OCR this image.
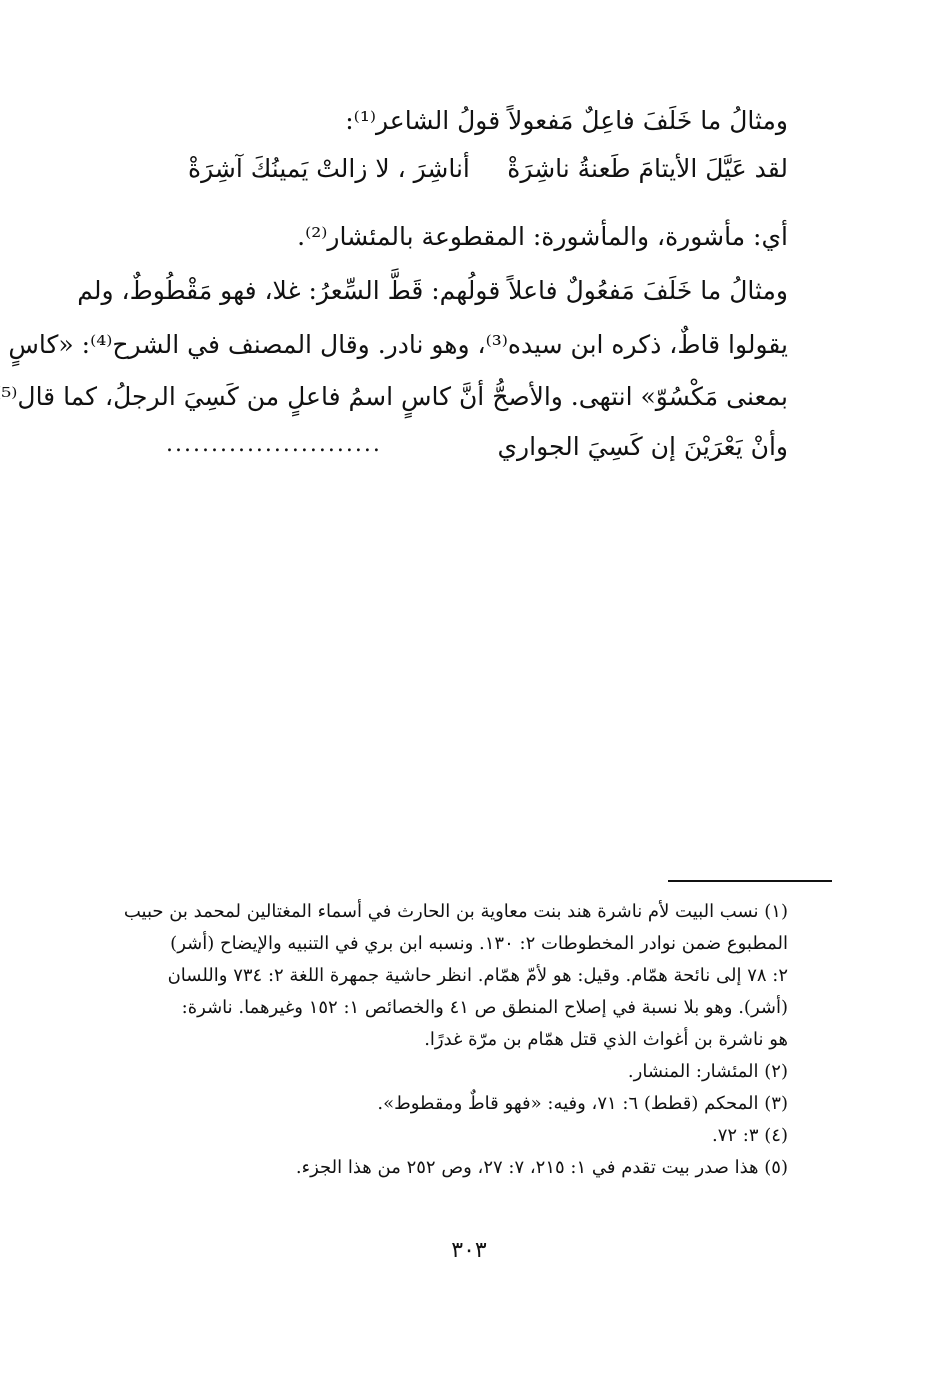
ومثالُ ما خَلَفَ فاعِلٌ مَفعولاً قولُ الشاعر⁽¹⁾:
لقد عَيَّلَ الأيتامَ طَعنةُ ناشِرَةْ
أناشِرَ ، لا زالتْ يَمينُكَ آشِرَةْ
أي: مأشورة، والمأشورة: المقطوعة بالمئشار⁽²⁾.
ومثالُ ما خَلَفَ مَفعُولٌ فاعلاً قولُهم: قَطَّ السِّعرُ: غلا، فهو مَقْطُوطٌ، ولم
يقولوا قاطٌ، ذكره ابن سيده⁽³⁾، وهو نادر. وقال المصنف في الشرح⁽⁴⁾: «كاسٍ
بمعنى مَكْسُوّ» انتهى. والأصحُّ أنَّ كاسٍ اسمُ فاعلٍ من كَسِيَ الرجلُ، كما قال⁽⁵
وأنْ يَعْرَيْنَ إن كَسِيَ الجواري
........................
(١) نسب البيت لأم ناشرة هند بنت معاوية بن الحارث في أسماء المغتالين لمحمد بن حبيب
المطبوع ضمن نوادر المخطوطات ٢: ١٣٠. ونسبه ابن بري في التنبيه والإيضاح (أشر)
٢: ٧٨ إلى نائحة همّام. وقيل: هو لأمّ همّام. انظر حاشية جمهرة اللغة ٢: ٧٣٤ واللسان
(أشر). وهو بلا نسبة في إصلاح المنطق ص ٤١ والخصائص ١: ١٥٢ وغيرهما. ناشرة:
هو ناشرة بن أغواث الذي قتل همّام بن مرّة غدرًا.
(٢) المئشار: المنشار.
(٣) المحكم (قطط) ٦: ٧١، وفيه: «فهو قاطٌ ومقطوط».
(٤) ٣: ٧٢.
(٥) هذا صدر بيت تقدم في ١: ٢١٥، ٧: ٢٧، وص ٢٥٢ من هذا الجزء.
٣٠٣
